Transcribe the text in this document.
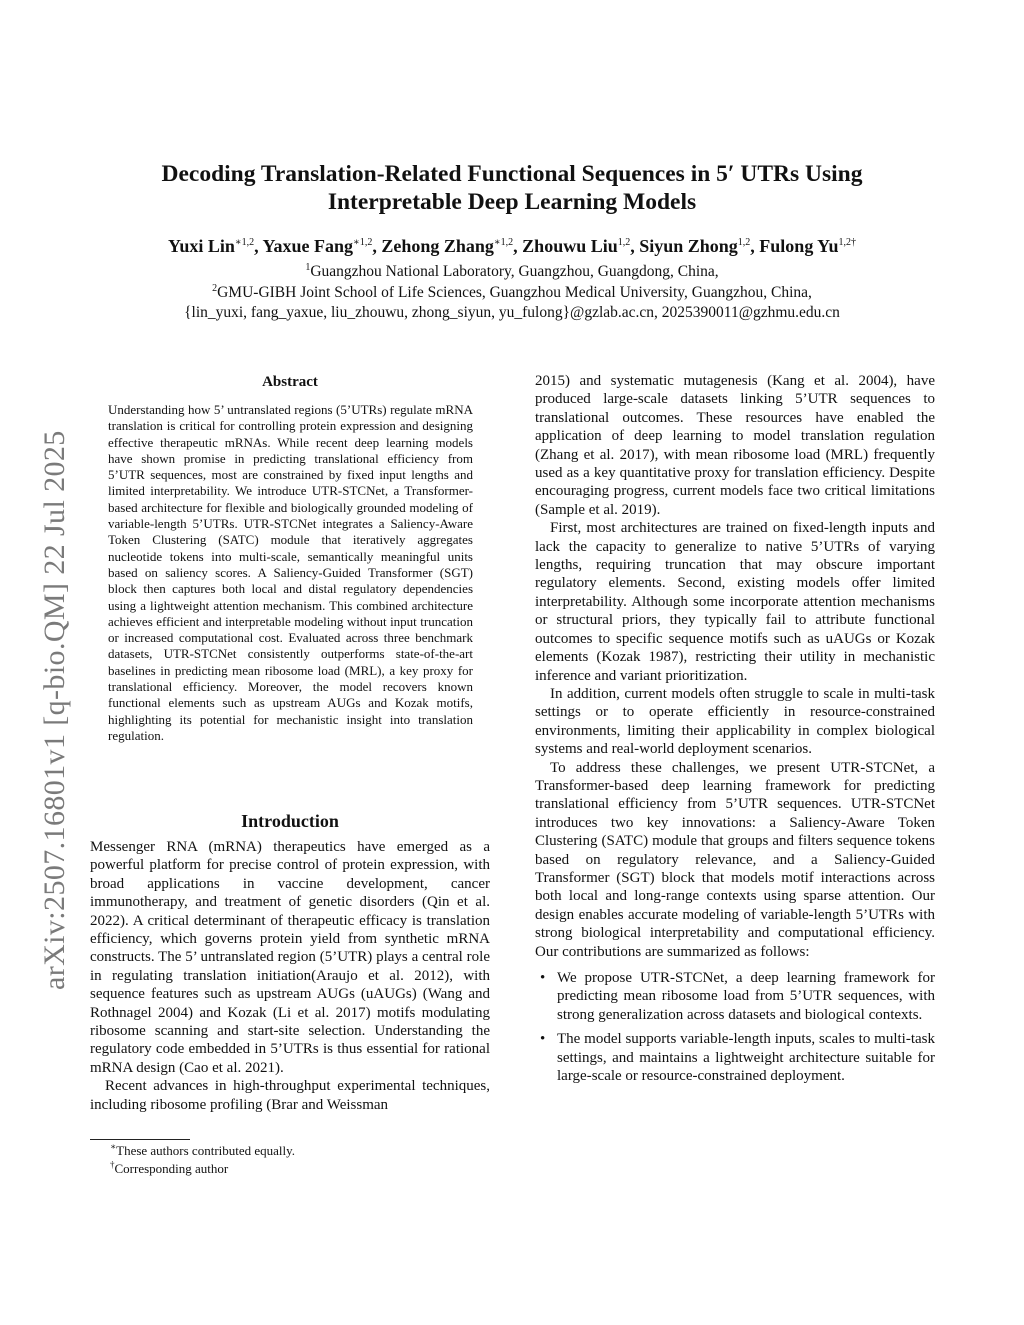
arXiv:2507.16801v1 [q-bio.QM] 22 Jul 2025
Decoding Translation-Related Functional Sequences in 5′ UTRs Using
Interpretable Deep Learning Models
Yuxi Lin$^{∗1,2}$, Yaxue Fang$^{∗1,2}$, Zehong Zhang$^{∗1,2}$, Zhouwu Liu$^{1,2}$, Siyun Zhong$^{1,2}$, Fulong $Yu^{1,2\dagger}$
$^1$Guangzhou National Laboratory, Guangzhou, Guangdong, China,
$^2$GMU-GIBH Joint School of Life Sciences, Guangzhou Medical University, Guangzhou, China,
{lin_yuxi, fang_yaxue, liu_zhouwu, zhong_siyun, yu_fulong}@gzlab.ac.cn, 2025390011@gzhmu.edu.cn
Abstract
Understanding how 5’ untranslated regions (5’UTRs) regulate mRNA translation is critical for controlling protein expression and designing effective therapeutic mRNAs. While recent deep learning models have shown promise in predicting translational efficiency from 5’UTR sequences, most are constrained by fixed input lengths and limited interpretability. We introduce UTR-STCNet, a Transformer-based architecture for flexible and biologically grounded modeling of variable-length 5’UTRs. UTR-STCNet integrates a Saliency-Aware Token Clustering (SATC) module that iteratively aggregates nucleotide tokens into multi-scale, semantically meaningful units based on saliency scores. A Saliency-Guided Transformer (SGT) block then captures both local and distal regulatory dependencies using a lightweight attention mechanism. This combined architecture achieves efficient and interpretable modeling without input truncation or increased computational cost. Evaluated across three benchmark datasets, UTR-STCNet consistently outperforms state-of-the-art baselines in predicting mean ribosome load (MRL), a key proxy for translational efficiency. Moreover, the model recovers known functional elements such as upstream AUGs and Kozak motifs, highlighting its potential for mechanistic insight into translation regulation.
Introduction

Messenger RNA (mRNA) therapeutics have emerged as a powerful platform for precise control of protein expression, with broad applications in vaccine development, cancer immunotherapy, and treatment of genetic disorders (Qin et al. 2022). A critical determinant of therapeutic efficacy is translation efficiency, which governs protein yield from synthetic mRNA constructs. The 5’ untranslated region (5’UTR) plays a central role in regulating translation initiation(Araujo et al. 2012), with sequence features such as upstream AUGs (uAUGs) (Wang and Rothnagel 2004) and Kozak (Li et al. 2017) motifs modulating ribosome scanning and start-site selection. Understanding the regulatory code embedded in 5’UTRs is thus essential for rational mRNA design (Cao et al. 2021).

Recent advances in high-throughput experimental techniques, including ribosome profiling (Brar and Weissman

2015) and systematic mutagenesis (Kang et al. 2004), have produced large-scale datasets linking 5’UTR sequences to translational outcomes. These resources have enabled the application of deep learning to model translation regulation (Zhang et al. 2017), with mean ribosome load (MRL) frequently used as a key quantitative proxy for translation efficiency. Despite encouraging progress, current models face two critical limitations (Sample et al. 2019).

First, most architectures are trained on fixed-length inputs and lack the capacity to generalize to native 5’UTRs of varying lengths, requiring truncation that may obscure important regulatory elements. Second, existing models offer limited interpretability. Although some incorporate attention mechanisms or structural priors, they typically fail to attribute functional outcomes to specific sequence motifs such as uAUGs or Kozak elements (Kozak 1987), restricting their utility in mechanistic inference and variant prioritization.

In addition, current models often struggle to scale in multi-task settings or to operate efficiently in resource-constrained environments, limiting their applicability in complex biological systems and real-world deployment scenarios.

To address these challenges, we present UTR-STCNet, a Transformer-based deep learning framework for predicting translational efficiency from 5’UTR sequences. UTR-STCNet introduces two key innovations: a Saliency-Aware Token Clustering (SATC) module that groups and filters sequence tokens based on regulatory relevance, and a Saliency-Guided Transformer (SGT) block that models motif interactions across both local and long-range contexts using sparse attention. Our design enables accurate modeling of variable-length 5’UTRs with strong biological interpretability and computational efficiency. Our contributions are summarized as follows:

• We propose UTR-STCNet, a deep learning framework for predicting mean ribosome load from 5’UTR sequences, with strong generalization across datasets and biological contexts.
• The model supports variable-length inputs, scales to multi-task settings, and maintains a lightweight architecture suitable for large-scale or resource-constrained deployment.
∗These authors contributed equally.
†Corresponding author
